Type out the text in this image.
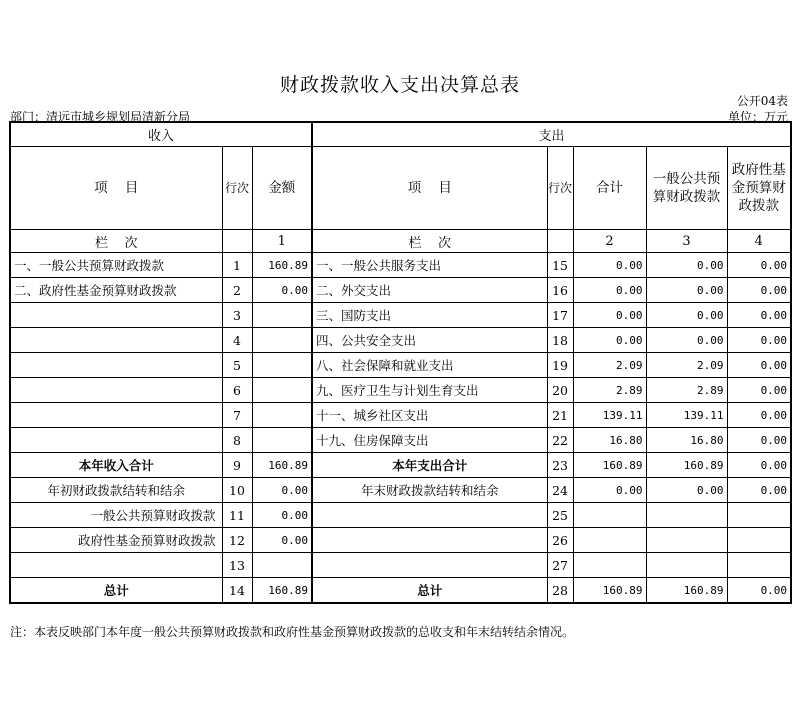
财政拨款收入支出决算总表
公开04表
部门：清远市城乡规划局清新分局	单位：万元
收入			支出				
项    目	行次	金额	项    目	行次	合计	一般公共预算财政拨款	政府性基金预算财政拨款
栏    次		1	栏    次		2	3	4
一、一般公共预算财政拨款	1	160.89	一、一般公共服务支出	15	0.00	0.00	0.00
二、政府性基金预算财政拨款	2	0.00	二、外交支出	16	0.00	0.00	0.00
	3		三、国防支出	17	0.00	0.00	0.00
	4		四、公共安全支出	18	0.00	0.00	0.00
	5		八、社会保障和就业支出	19	2.09	2.09	0.00
	6		九、医疗卫生与计划生育支出	20	2.89	2.89	0.00
	7		十一、城乡社区支出	21	139.11	139.11	0.00
	8		十九、住房保障支出	22	16.80	16.80	0.00
本年收入合计	9	160.89	本年支出合计	23	160.89	160.89	0.00
年初财政拨款结转和结余	10	0.00	年末财政拨款结转和结余	24	0.00	0.00	0.00
一般公共预算财政拨款	11	0.00		25			
政府性基金预算财政拨款	12	0.00		26			
	13			27			
总计	14	160.89	总计	28	160.89	160.89	0.00
注：本表反映部门本年度一般公共预算财政拨款和政府性基金预算财政拨款的总收支和年末结转结余情况。
